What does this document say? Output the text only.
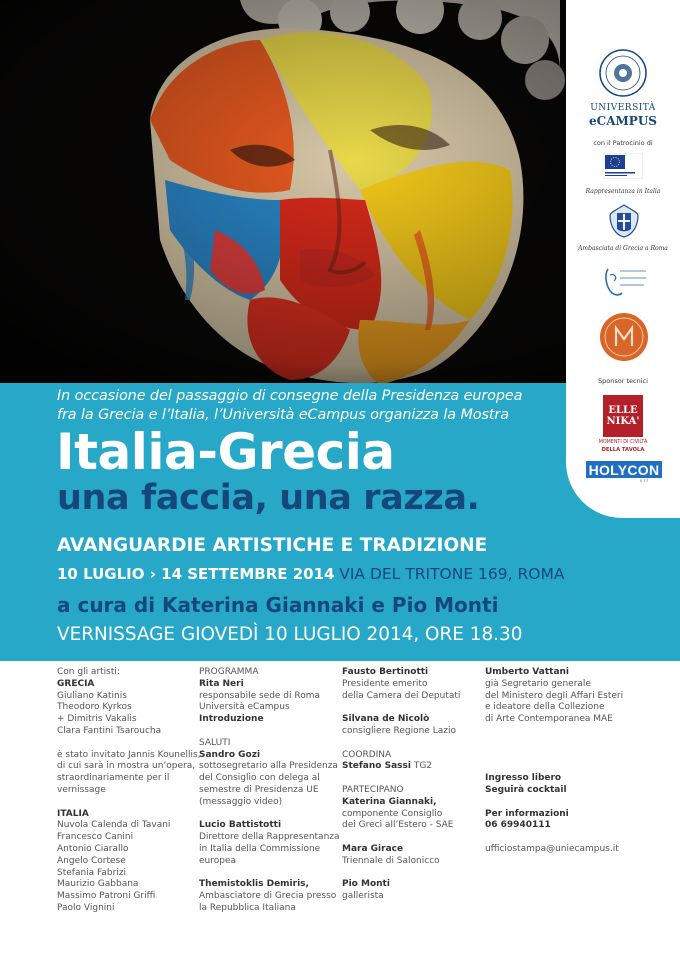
UNIVERSITÀ
eCAMPUS
con il Patrocinio di
Rappresentanza in Italia
Ambasciata di Grecia a Roma
Sponsor tecnici
ELLE
NIKA'
MOMENTI DI CIVILTÀ
DELLA TAVOLA
HOLYCON
s r l
In occasione del passaggio di consegne della Presidenza europea
fra la Grecia e l’Italia, l’Università eCampus organizza la Mostra
Italia-Grecia
una faccia, una razza.
AVANGUARDIE ARTISTICHE E TRADIZIONE
10 LUGLIO › 14 SETTEMBRE 2014 VIA DEL TRITONE 169, ROMA
a cura di Katerina Giannaki e Pio Monti
VERNISSAGE GIOVEDÌ 10 LUGLIO 2014, ORE 18.30
Con gli artisti:
GRECIA
Giuliano Katinis
Theodoro Kyrkos
+ Dimitris Vakalis
Clara Fantini Tsaroucha
è stato invitato Jannis Kounellis,
di cui sarà in mostra un’opera,
straordinariamente per il
vernissage
ITALIA
Nuvola Calenda di Tavani
Francesco Canini
Antonio Ciarallo
Angelo Cortese
Stefania Fabrizi
Maurizio Gabbana
Massimo Patroni Griffi
Paolo Vignini
PROGRAMMA
Rita Neri
responsabile sede di Roma
Università eCampus
Introduzione
SALUTI
Sandro Gozi
sottosegretario alla Presidenza
del Consiglio con delega al
semestre di Presidenza UE
(messaggio video)
Lucio Battistotti
Direttore della Rappresentanza
in Italia della Commissione
europea
Themistoklis Demiris,
Ambasciatore di Grecia presso
la Repubblica Italiana
Fausto Bertinotti
Presidente emerito
della Camera dei Deputati
Silvana de Nicolò
consigliere Regione Lazio
COORDINA
Stefano Sassi TG2
PARTECIPANO
Katerina Giannaki,
componente Consiglio
dei Greci all’Estero - SAE
Mara Girace
Triennale di Salonicco
Pio Monti
gallerista
Umberto Vattani
già Segretario generale
del Ministero degli Affari Esteri
e ideatore della Collezione
di Arte Contemporanea MAE
Ingresso libero
Seguirà cocktail
Per informazioni
06 69940111
ufficiostampa@uniecampus.it
